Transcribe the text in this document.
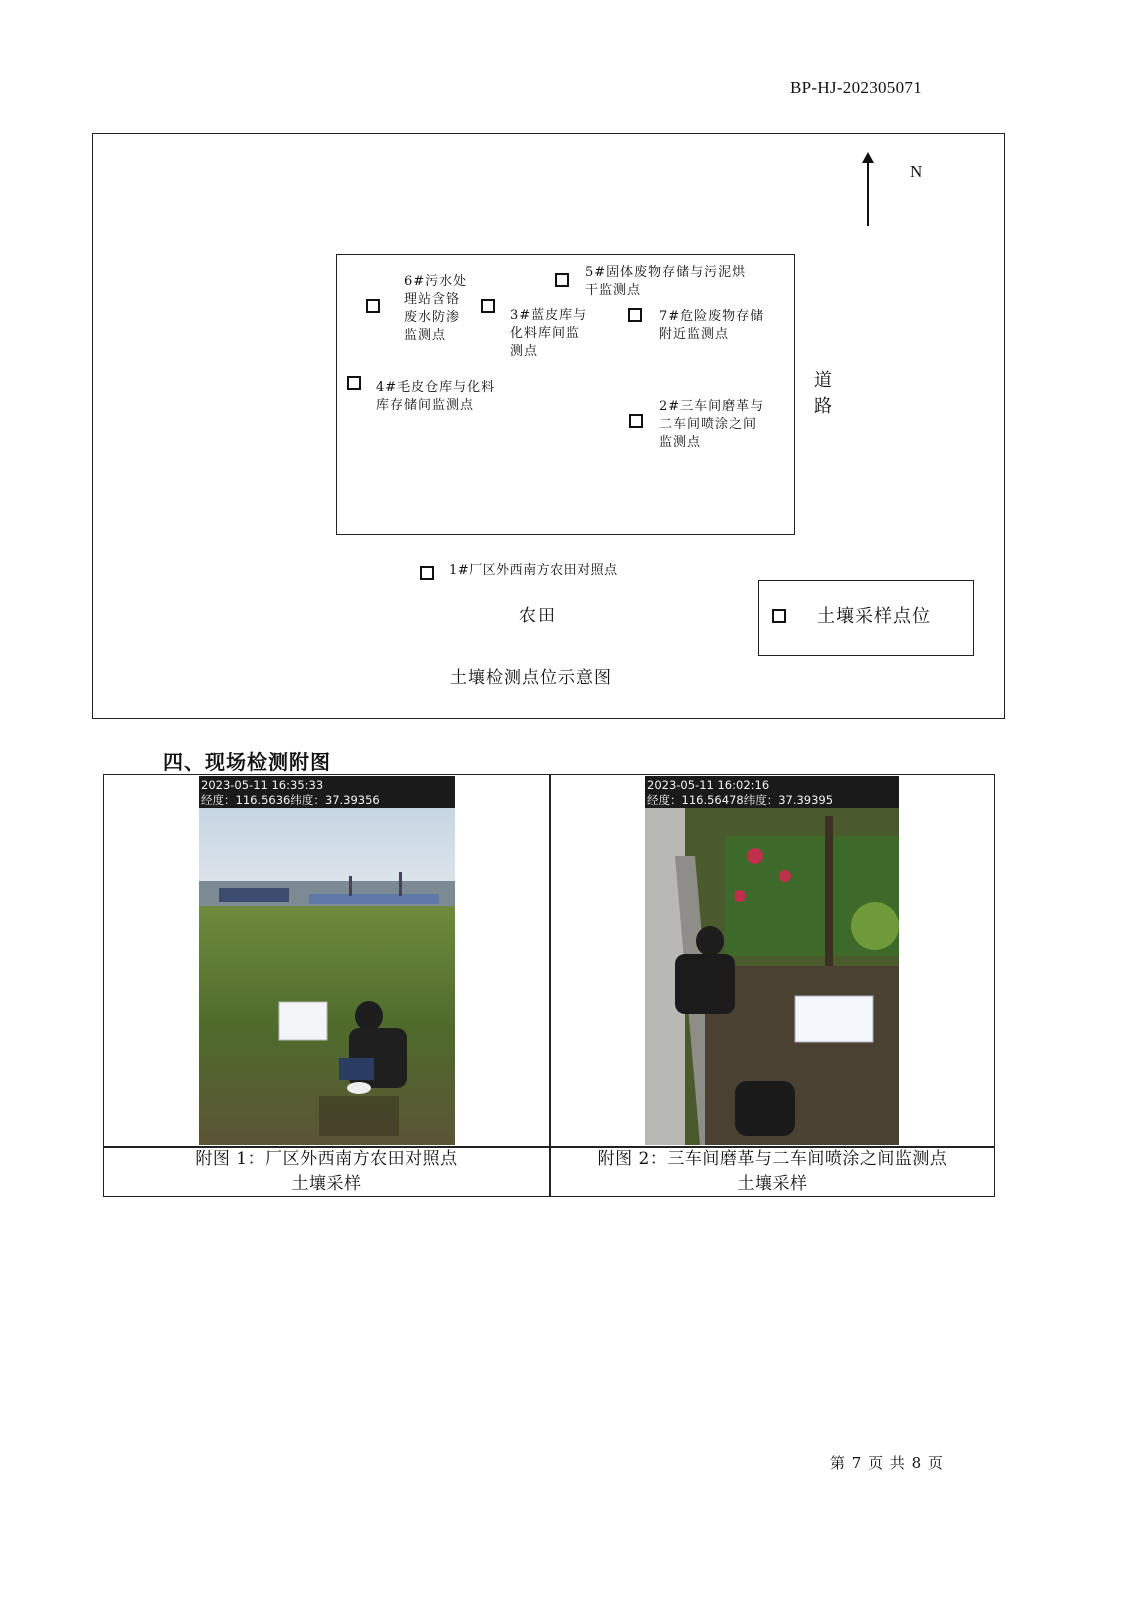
BP-HJ-202305071
N
6#污水处
理站含铬
废水防渗
监测点
3#蓝皮库与
化料库间监
测点
5#固体废物存储与污泥烘
干监测点
7#危险废物存储
附近监测点
4#毛皮仓库与化料
库存储间监测点	2#三车间磨革与
二车间喷涂之间
监测点
1#厂区外西南方农田对照点
道路
农田	土壤采样点位
土壤检测点位示意图
四、现场检测附图
2023-05-11 16:35:33
经度：116.5636纬度：37.39356
2023-05-11 16:02:16
经度：116.56478纬度：37.39395
附图 1：厂区外西南方农田对照点
土壤采样
附图 2：三车间磨革与二车间喷涂之间监测点
土壤采样
第 7 页 共 8 页
